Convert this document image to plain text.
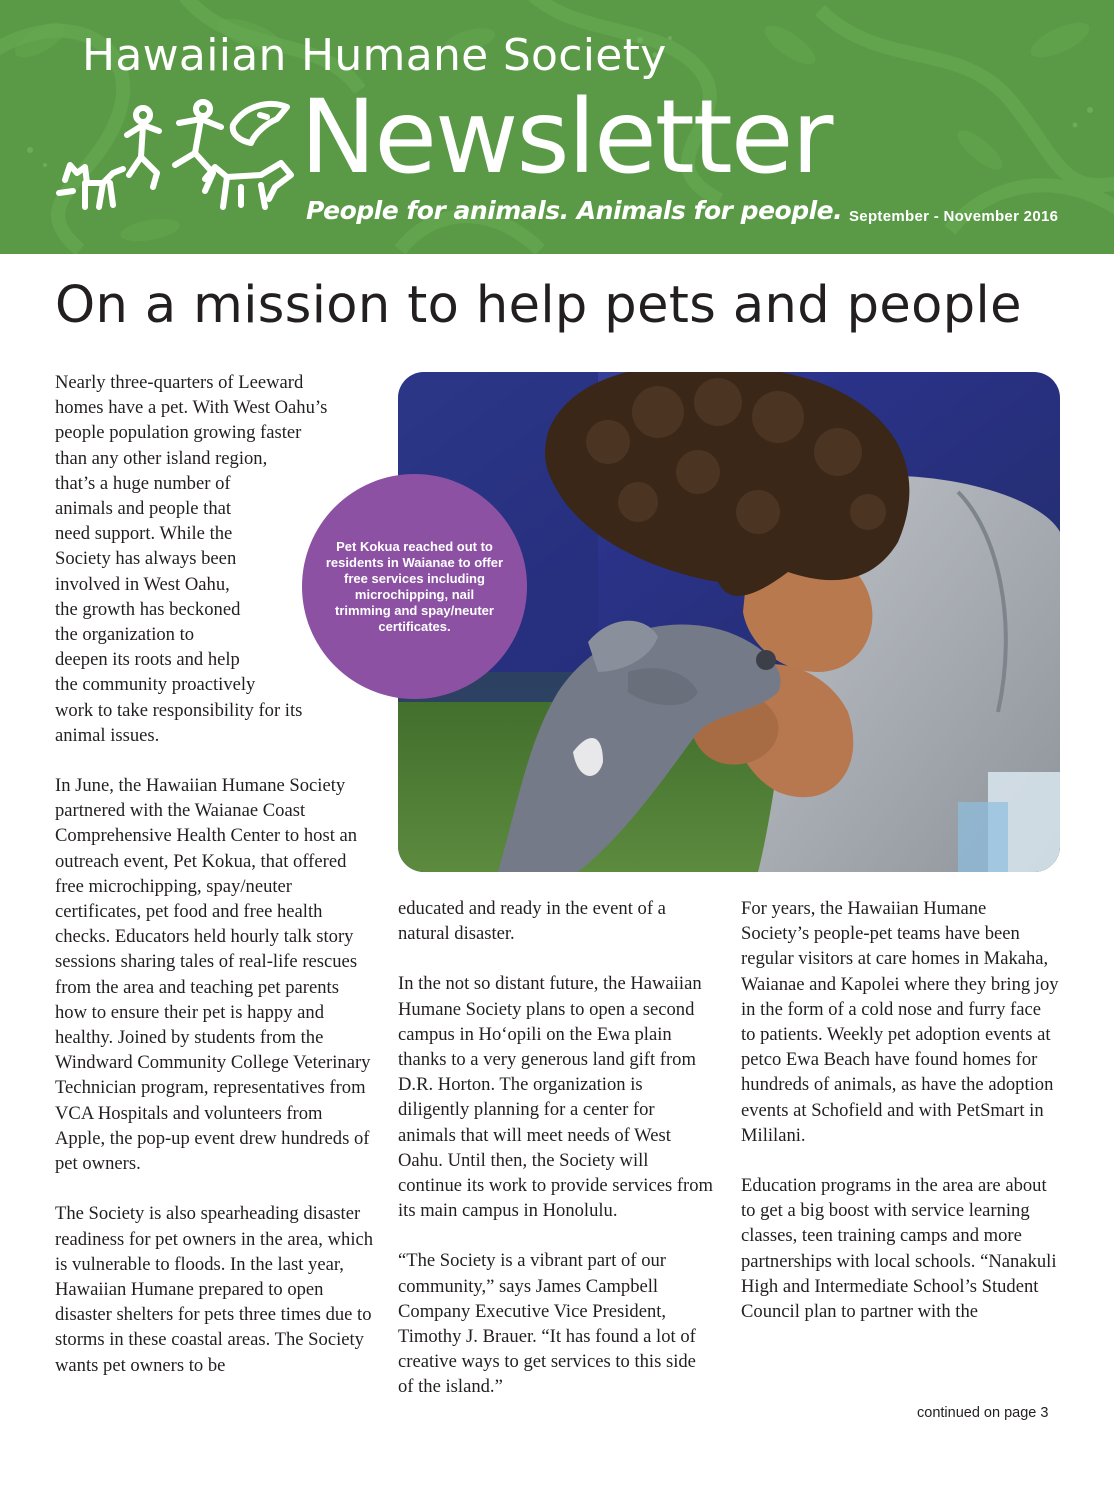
Hawaiian Humane Society
Newsletter
People for animals. Animals for people. September - November 2016
On a mission to help pets and people
Pet Kokua reached out to residents in Waianae to offer free services including microchipping, nail trimming and spay/neuter certificates.

Nearly three-quarters of Leeward
homes have a pet. With West Oahu’s
people population growing faster
than any other island region,
that’s a huge number of
animals and people that
need support. While the
Society has always been
involved in West Oahu,
the growth has beckoned
the organization to
deepen its roots and help
the community proactively
work to take responsibility for its
animal issues.

In June, the Hawaiian Humane Society partnered with the Waianae Coast Comprehensive Health Center to host an outreach event, Pet Kokua, that offered free microchipping, spay/neuter certificates, pet food and free health checks. Educators held hourly talk story sessions sharing tales of real-life rescues from the area and teaching pet parents how to ensure their pet is happy and healthy. Joined by students from the Windward Community College Veterinary Technician program, representatives from VCA Hospitals and volunteers from Apple, the pop-up event drew hundreds of pet owners.

The Society is also spearheading disaster readiness for pet owners in the area, which is vulnerable to floods. In the last year, Hawaiian Humane prepared to open disaster shelters for pets three times due to storms in these coastal areas. The Society wants pet owners to be

educated and ready in the event of a natural disaster.

In the not so distant future, the Hawaiian Humane Society plans to open a second campus in Hoʻopili on the Ewa plain thanks to a very generous land gift from D.R. Horton. The organization is diligently planning for a center for animals that will meet needs of West Oahu. Until then, the Society will continue its work to provide services from its main campus in Honolulu.

“The Society is a vibrant part of our community,” says James Campbell Company Executive Vice President, Timothy J. Brauer. “It has found a lot of creative ways to get services to this side of the island.”

For years, the Hawaiian Humane Society’s people-pet teams have been regular visitors at care homes in Makaha, Waianae and Kapolei where they bring joy in the form of a cold nose and furry face to patients. Weekly pet adoption events at petco Ewa Beach have found homes for hundreds of animals, as have the adoption events at Schofield and with PetSmart in Mililani.

Education programs in the area are about to get a big boost with service learning classes, teen training camps and more partnerships with local schools. “Nanakuli High and Intermediate School’s Student Council plan to partner with the

continued on page 3
